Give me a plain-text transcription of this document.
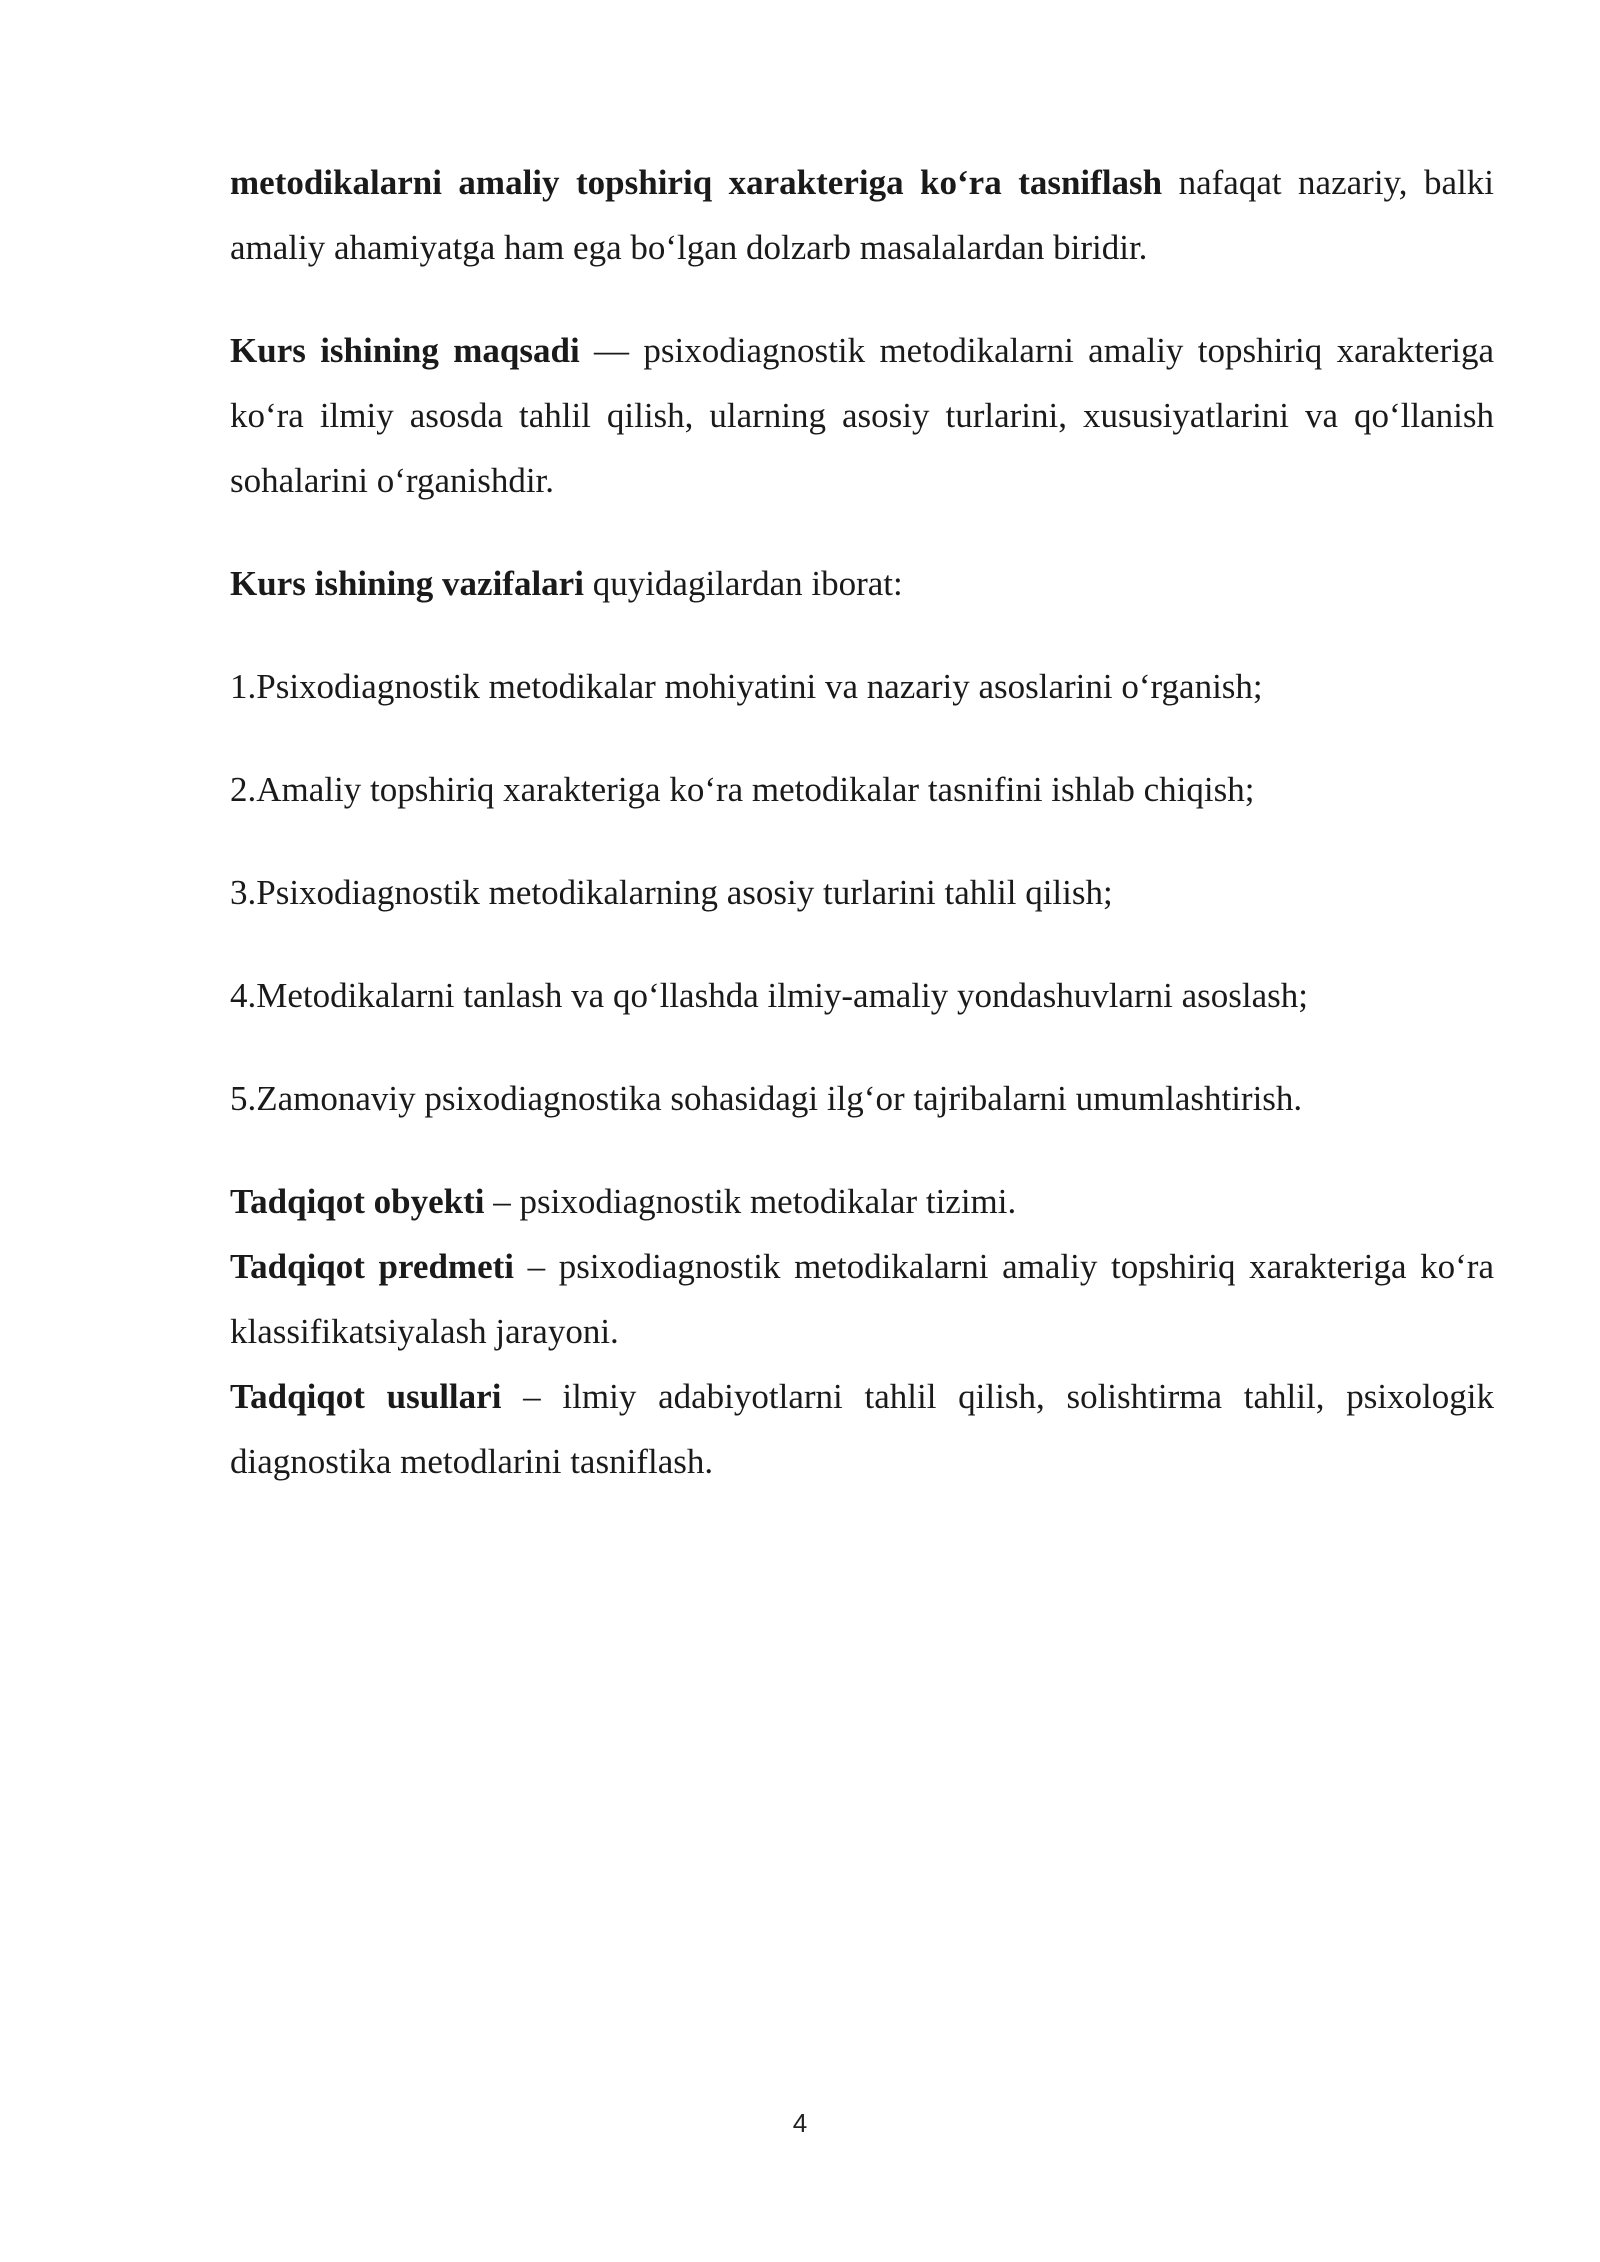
metodikalarni amaliy topshiriq xarakteriga ko‘ra tasniflash nafaqat nazariy, balki amaliy ahamiyatga ham ega bo‘lgan dolzarb masalalardan biridir.

Kurs ishining maqsadi — psixodiagnostik metodikalarni amaliy topshiriq xarakteriga ko‘ra ilmiy asosda tahlil qilish, ularning asosiy turlarini, xususiyatlarini va qo‘llanish sohalarini o‘rganishdir.

Kurs ishining vazifalari quyidagilardan iborat:

1.Psixodiagnostik metodikalar mohiyatini va nazariy asoslarini o‘rganish;

2.Amaliy topshiriq xarakteriga ko‘ra metodikalar tasnifini ishlab chiqish;

3.Psixodiagnostik metodikalarning asosiy turlarini tahlil qilish;

4.Metodikalarni tanlash va qo‘llashda ilmiy-amaliy yondashuvlarni asoslash;

5.Zamonaviy psixodiagnostika sohasidagi ilg‘or tajribalarni umumlashtirish.

Tadqiqot obyekti – psixodiagnostik metodikalar tizimi.

Tadqiqot predmeti – psixodiagnostik metodikalarni amaliy topshiriq xarakteriga ko‘ra klassifikatsiyalash jarayoni.

Tadqiqot usullari – ilmiy adabiyotlarni tahlil qilish, solishtirma tahlil, psixologik diagnostika metodlarini tasniflash.

4
